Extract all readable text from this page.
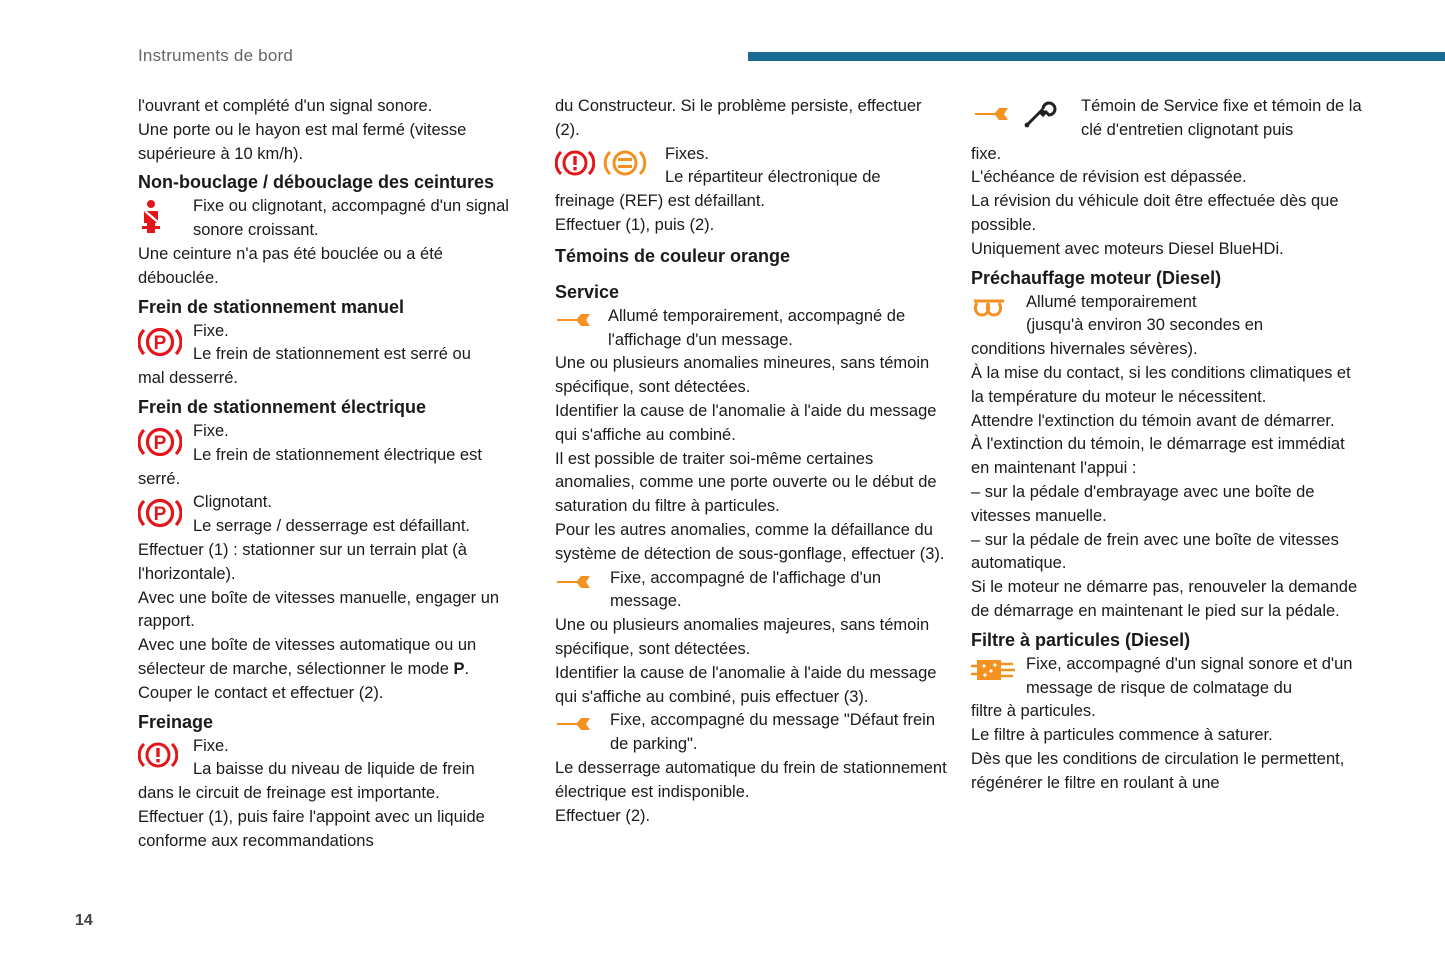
Instruments de bord

l'ouvrant et complété d'un signal sonore.
Une porte ou le hayon est mal fermé (vitesse supérieure à 10 km/h).

Non-bouclage / débouclage des ceintures

Fixe ou clignotant, accompagné d'un signal sonore croissant.

Une ceinture n'a pas été bouclée ou a été débouclée.

Frein de stationnement manuel
P

Fixe.
Le frein de stationnement est serré ou

mal desserré.

Frein de stationnement électrique
P

Fixe.
Le frein de stationnement électrique est

serré.

P

Clignotant.
Le serrage / desserrage est défaillant.

Effectuer (1) : stationner sur un terrain plat (à l'horizontale).
Avec une boîte de vitesses manuelle, engager un rapport.
Avec une boîte de vitesses automatique ou un sélecteur de marche, sélectionner le mode P.

Couper le contact et effectuer (2).

Freinage

Fixe.
La baisse du niveau de liquide de frein

dans le circuit de freinage est importante.
Effectuer (1), puis faire l'appoint avec un liquide conforme aux recommandations

du Constructeur. Si le problème persiste, effectuer (2).

Fixes.
Le répartiteur électronique de

freinage (REF) est défaillant.
Effectuer (1), puis (2).

Témoins de couleur orange
Service

Allumé temporairement, accompagné de l'affichage d'un message.

Une ou plusieurs anomalies mineures, sans témoin spécifique, sont détectées.
Identifier la cause de l'anomalie à l'aide du message qui s'affiche au combiné.
Il est possible de traiter soi-même certaines anomalies, comme une porte ouverte ou le début de saturation du filtre à particules.
Pour les autres anomalies, comme la défaillance du système de détection de sous-gonflage, effectuer (3).

Fixe, accompagné de l'affichage d'un message.

Une ou plusieurs anomalies majeures, sans témoin spécifique, sont détectées.
Identifier la cause de l'anomalie à l'aide du message qui s'affiche au combiné, puis effectuer (3).

Fixe, accompagné du message "Défaut frein de parking".

Le desserrage automatique du frein de stationnement électrique est indisponible.
Effectuer (2).

Témoin de Service fixe et témoin de la clé d'entretien clignotant puis

fixe.
L'échéance de révision est dépassée.
La révision du véhicule doit être effectuée dès que possible.
Uniquement avec moteurs Diesel BlueHDi.

Préchauffage moteur (Diesel)

Allumé temporairement
(jusqu'à environ 30 secondes en

conditions hivernales sévères).
À la mise du contact, si les conditions climatiques et la température du moteur le nécessitent.
Attendre l'extinction du témoin avant de démarrer.
À l'extinction du témoin, le démarrage est immédiat en maintenant l'appui :
– sur la pédale d'embrayage avec une boîte de vitesses manuelle.
– sur la pédale de frein avec une boîte de vitesses automatique.
Si le moteur ne démarre pas, renouveler la demande de démarrage en maintenant le pied sur la pédale.

Filtre à particules (Diesel)

Fixe, accompagné d'un signal sonore et d'un message de risque de colmatage du

filtre à particules.
Le filtre à particules commence à saturer.
Dès que les conditions de circulation le permettent, régénérer le filtre en roulant à une

14
